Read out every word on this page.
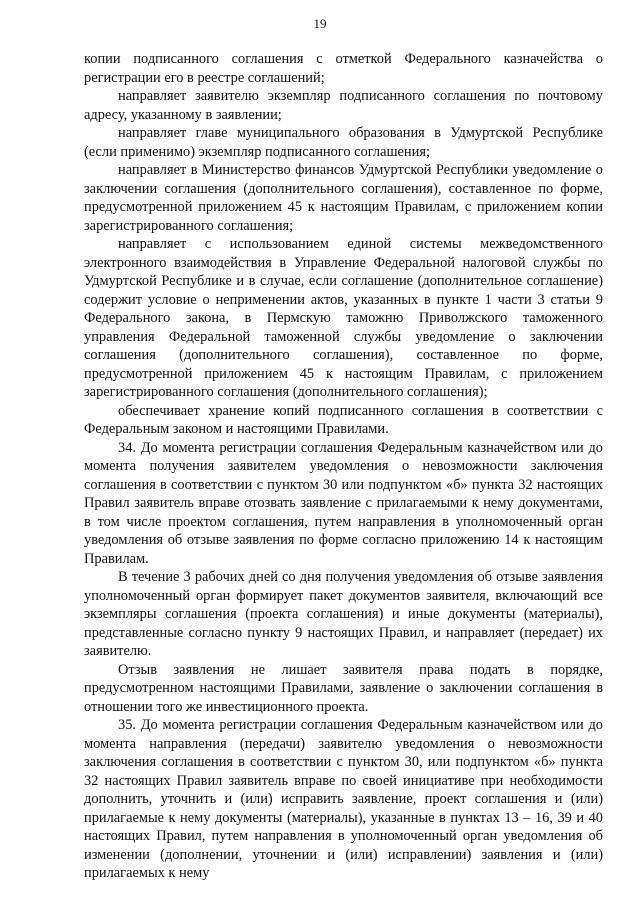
19

копии подписанного соглашения с отметкой Федерального казначейства о регистрации его в реестре соглашений;

направляет заявителю экземпляр подписанного соглашения по почтовому адресу, указанному в заявлении;

направляет главе муниципального образования в Удмуртской Республике (если применимо) экземпляр подписанного соглашения;

направляет в Министерство финансов Удмуртской Республики уведомление о заключении соглашения (дополнительного соглашения), составленное по форме, предусмотренной приложением 45 к настоящим Правилам, с приложением копии зарегистрированного соглашения;

направляет с использованием единой системы межведомственного электронного взаимодействия в Управление Федеральной налоговой службы по Удмуртской Республике и в случае, если соглашение (дополнительное соглашение) содержит условие о неприменении актов, указанных в пункте 1 части 3 статьи 9 Федерального закона, в Пермскую таможню Приволжского таможенного управления Федеральной таможенной службы уведомление о заключении соглашения (дополнительного соглашения), составленное по форме, предусмотренной приложением 45 к настоящим Правилам, с приложением зарегистрированного соглашения (дополнительного соглашения);

обеспечивает хранение копий подписанного соглашения в соответствии с Федеральным законом и настоящими Правилами.

34. До момента регистрации соглашения Федеральным казначейством или до момента получения заявителем уведомления о невозможности заключения соглашения в соответствии с пунктом 30 или подпунктом «б» пункта 32 настоящих Правил заявитель вправе отозвать заявление с прилагаемыми к нему документами, в том числе проектом соглашения, путем направления в уполномоченный орган уведомления об отзыве заявления по форме согласно приложению 14 к настоящим Правилам.

В течение 3 рабочих дней со дня получения уведомления об отзыве заявления уполномоченный орган формирует пакет документов заявителя, включающий все экземпляры соглашения (проекта соглашения) и иные документы (материалы), представленные согласно пункту 9 настоящих Правил, и направляет (передает) их заявителю.

Отзыв заявления не лишает заявителя права подать в порядке, предусмотренном настоящими Правилами, заявление о заключении соглашения в отношении того же инвестиционного проекта.

35. До момента регистрации соглашения Федеральным казначейством или до момента направления (передачи) заявителю уведомления о невозможности заключения соглашения в соответствии с пунктом 30, или подпунктом «б» пункта 32 настоящих Правил заявитель вправе по своей инициативе при необходимости дополнить, уточнить и (или) исправить заявление, проект соглашения и (или) прилагаемые к нему документы (материалы), указанные в пунктах 13 – 16, 39 и 40 настоящих Правил, путем направления в уполномоченный орган уведомления об изменении (дополнении, уточнении и (или) исправлении) заявления и (или) прилагаемых к нему
